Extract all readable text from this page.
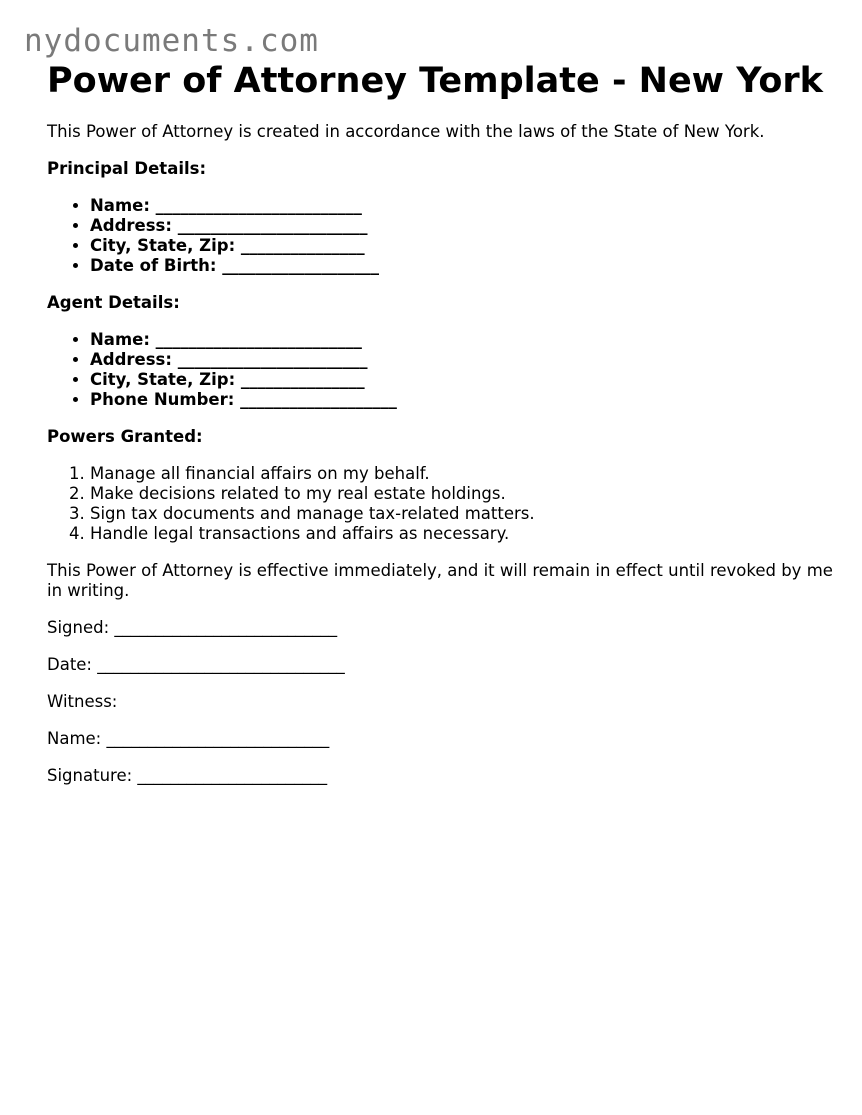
nydocuments.com
Power of Attorney Template - New York

This Power of Attorney is created in accordance with the laws of the State of New York.

Principal Details:

• Name: _________________________
• Address: _______________________
• City, State, Zip: _______________
• Date of Birth: ___________________

Agent Details:

• Name: _________________________
• Address: _______________________
• City, State, Zip: _______________
• Phone Number: ___________________

Powers Granted:

1. Manage all financial affairs on my behalf.
2. Make decisions related to my real estate holdings.
3. Sign tax documents and manage tax-related matters.
4. Handle legal transactions and affairs as necessary.

This Power of Attorney is effective immediately, and it will remain in effect until revoked by me in writing.

Signed: ___________________________

Date: ______________________________

Witness:

Name: ___________________________

Signature: _______________________
